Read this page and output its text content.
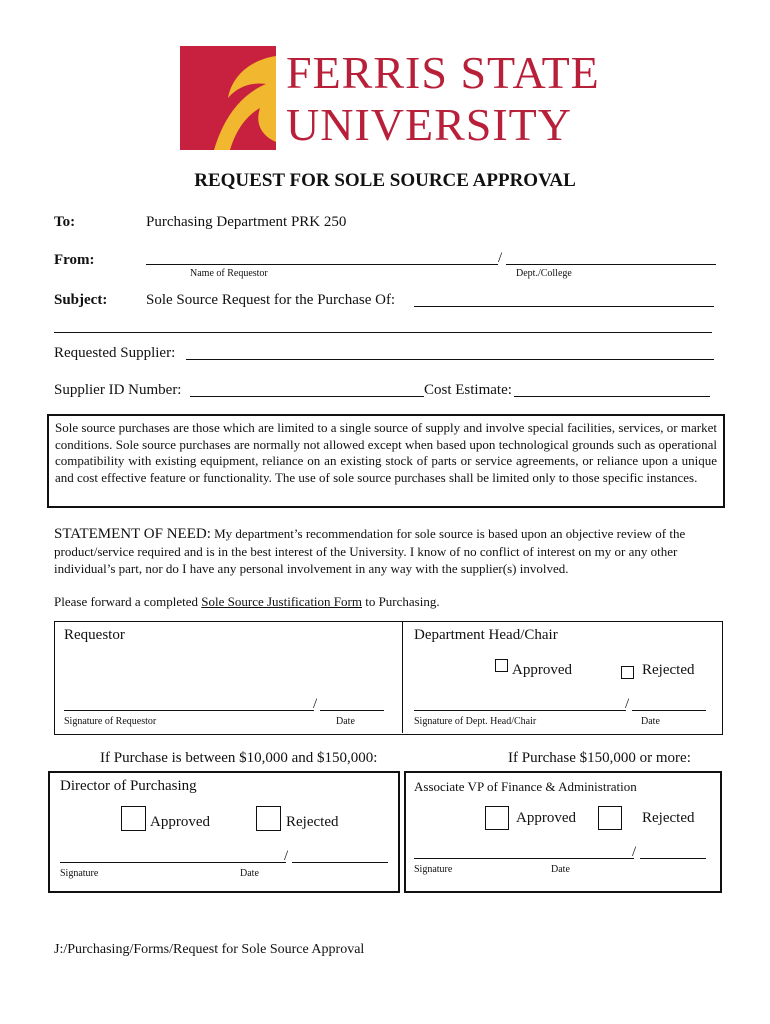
FERRIS STATE
UNIVERSITY
REQUEST FOR SOLE SOURCE APPROVAL
To:	Purchasing Department PRK 250
From:	/
Name of Requestor	Dept./College
Subject:	Sole Source Request for the Purchase Of:
Requested Supplier:
Supplier ID Number:	Cost Estimate:
Sole source purchases are those which are limited to a single source of supply and involve special facilities, services, or market conditions. Sole source purchases are normally not allowed except when based upon technological grounds such as operational compatibility with existing equipment, reliance on an existing stock of parts or service agreements, or reliance upon a unique and cost effective feature or functionality. The use of sole source purchases shall be limited only to those specific instances.
STATEMENT OF NEED: My department’s recommendation for sole source is based upon an objective review of the product/service required and is in the best interest of the University. I know of no conflict of interest on my or any other individual’s part, nor do I have any personal involvement in any way with the supplier(s) involved.
Please forward a completed Sole Source Justification Form to Purchasing.
Requestor
/
Signature of Requestor	Date
Department Head/Chair
Approved	Rejected
/
Signature of Dept. Head/Chair	Date
If Purchase is between $10,000 and $150,000:	If Purchase $150,000 or more:
Director of Purchasing
Approved	Rejected
/
Signature	Date
Associate VP of Finance & Administration
Approved	Rejected
/
Signature	Date
J:/Purchasing/Forms/Request for Sole Source Approval
